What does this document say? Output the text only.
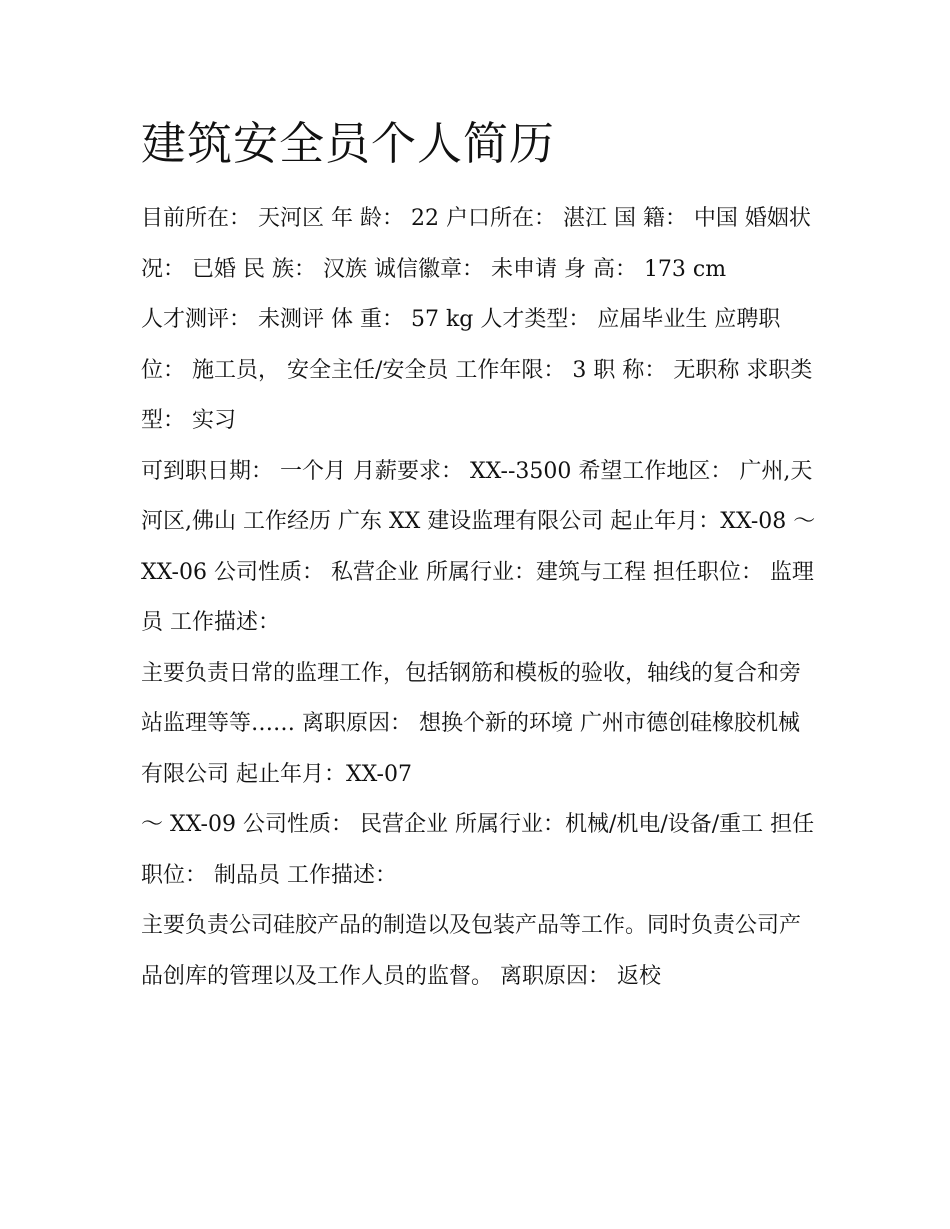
建筑安全员个人简历

目前所在： 天河区 年 龄： 22 户口所在： 湛江 国 籍： 中国 婚姻状况： 已婚 民 族： 汉族 诚信徽章： 未申请 身 高： 173 cm

人才测评： 未测评 体 重： 57 kg 人才类型： 应届毕业生 应聘职位： 施工员， 安全主任/安全员 工作年限： 3 职 称： 无职称 求职类型： 实习

可到职日期： 一个月 月薪要求： XX--3500 希望工作地区： 广州,天河区,佛山 工作经历 广东 XX 建设监理有限公司 起止年月：XX-08 ～

XX-06 公司性质： 私营企业 所属行业：建筑与工程 担任职位： 监理员 工作描述：

主要负责日常的监理工作，包括钢筋和模板的验收，轴线的复合和旁站监理等等…… 离职原因： 想换个新的环境 广州市德创硅橡胶机械有限公司 起止年月：XX-07

～ XX-09 公司性质： 民营企业 所属行业：机械/机电/设备/重工 担任职位： 制品员 工作描述：

主要负责公司硅胶产品的制造以及包装产品等工作。同时负责公司产品创库的管理以及工作人员的监督。 离职原因： 返校
